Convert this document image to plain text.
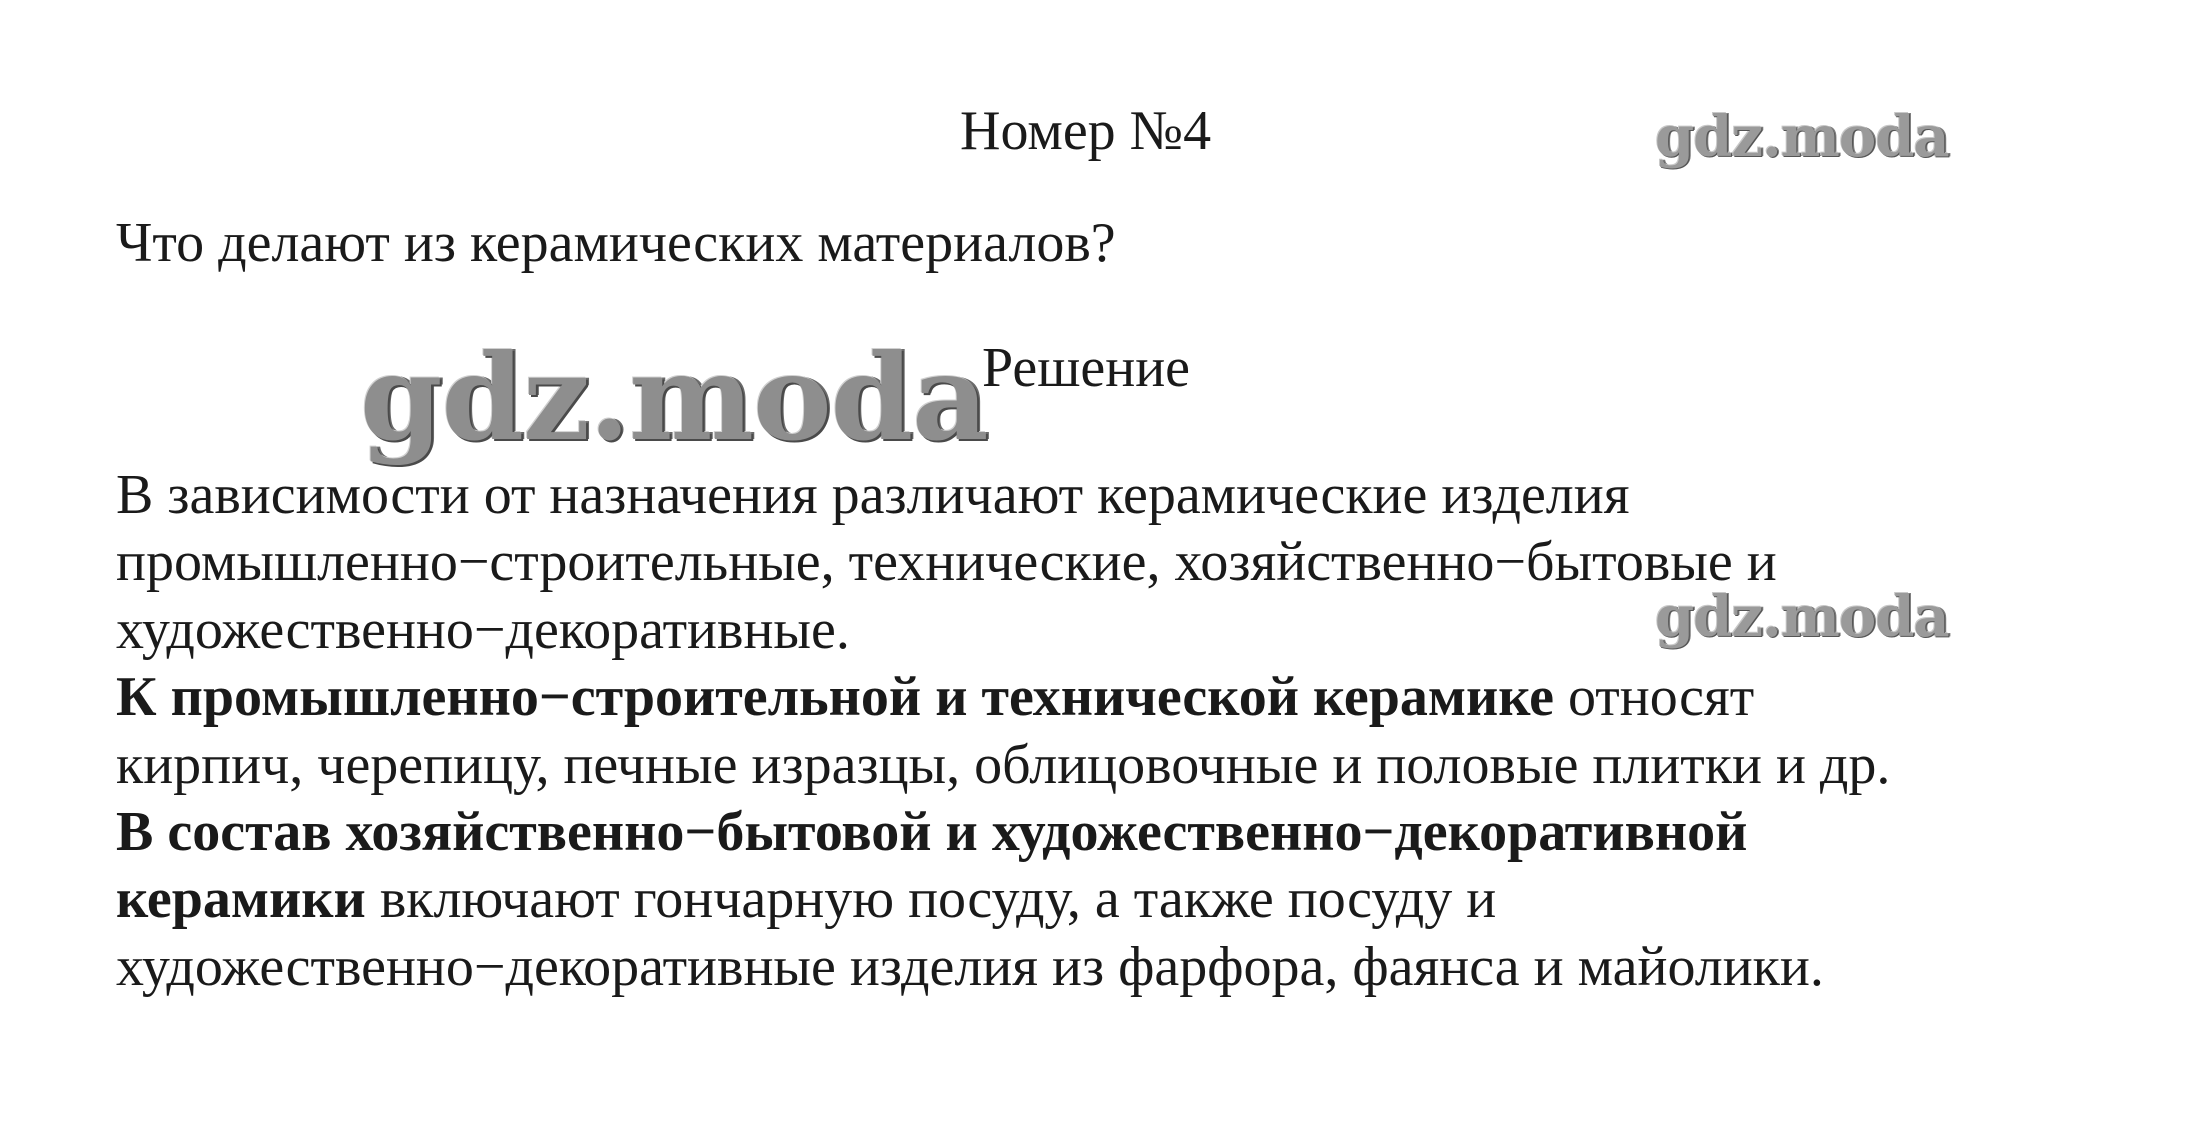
Номер №4	gdz.moda
Что делают из керамических материалов?
gdz.moda
Решение

В зависимости от назначения различают керамические изделия

промышленно−строительные, технические, хозяйственно−бытовые и

художественно−декоративные.

К промышленно−строительной и технической керамике относят

кирпич, черепицу, печные изразцы, облицовочные и половые плитки и др.

В состав хозяйственно−бытовой и художественно−декоративной

керамики включают гончарную посуду, а также посуду и

художественно−декоративные изделия из фарфора, фаянса и майолики.

gdz.moda
